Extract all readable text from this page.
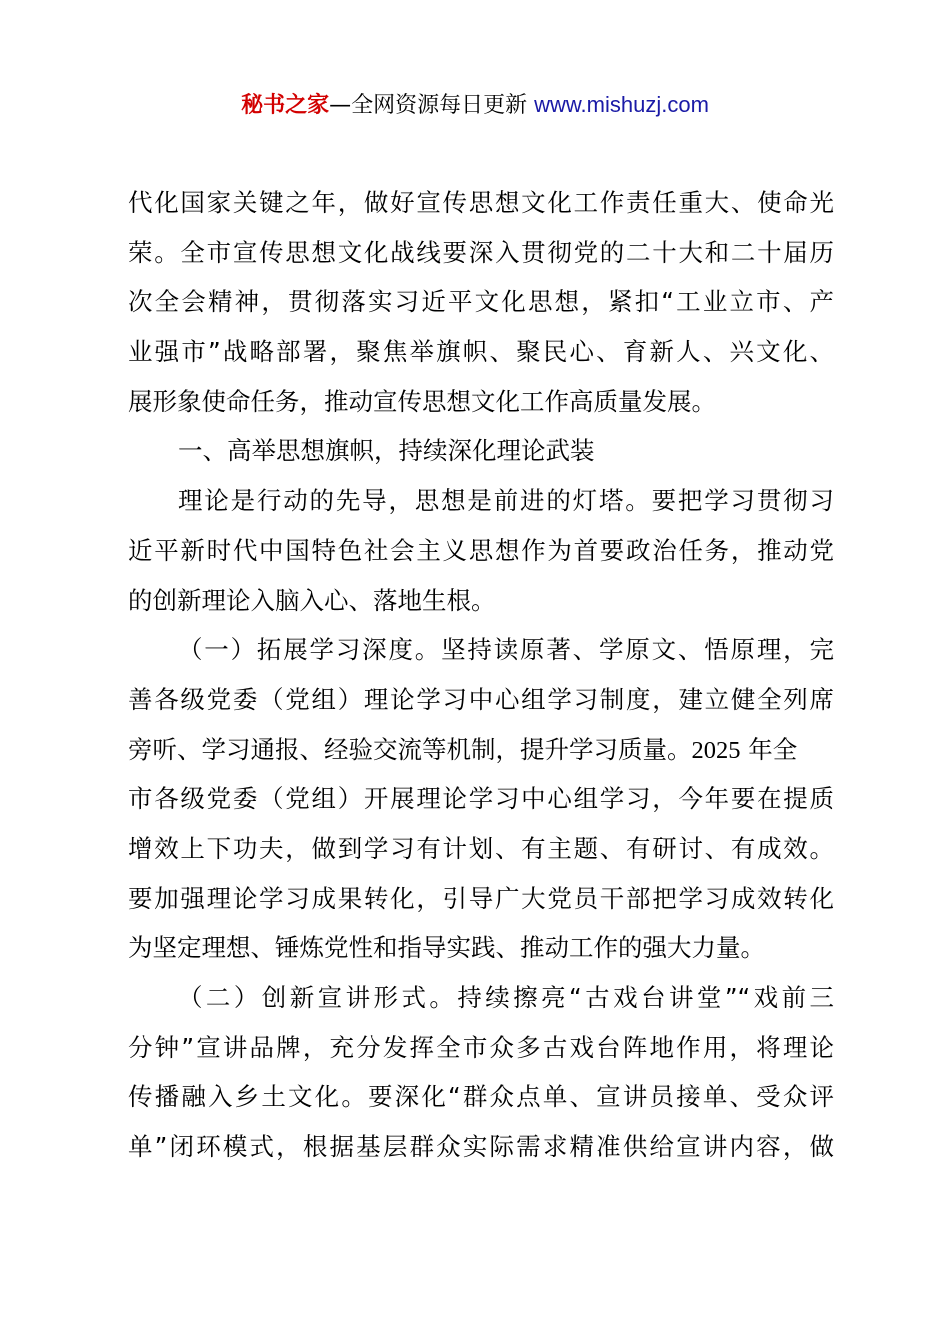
秘书之家—全网资源每日更新 www.mishuzj.com
代化国家关键之年，做好宣传思想文化工作责任重大、使命光
荣。全市宣传思想文化战线要深入贯彻党的二十大和二十届历
次全会精神，贯彻落实习近平文化思想，紧扣“工业立市、产
业强市”战略部署，聚焦举旗帜、聚民心、育新人、兴文化、
展形象使命任务，推动宣传思想文化工作高质量发展。
一、高举思想旗帜，持续深化理论武装
理论是行动的先导，思想是前进的灯塔。要把学习贯彻习
近平新时代中国特色社会主义思想作为首要政治任务，推动党
的创新理论入脑入心、落地生根。
（一）拓展学习深度。坚持读原著、学原文、悟原理，完
善各级党委（党组）理论学习中心组学习制度，建立健全列席
旁听、学习通报、经验交流等机制，提升学习质量。2025 年全
市各级党委（党组）开展理论学习中心组学习，今年要在提质
增效上下功夫，做到学习有计划、有主题、有研讨、有成效。
要加强理论学习成果转化，引导广大党员干部把学习成效转化
为坚定理想、锤炼党性和指导实践、推动工作的强大力量。
（二）创新宣讲形式。持续擦亮“古戏台讲堂”“戏前三
分钟”宣讲品牌，充分发挥全市众多古戏台阵地作用，将理论
传播融入乡土文化。要深化“群众点单、宣讲员接单、受众评
单”闭环模式，根据基层群众实际需求精准供给宣讲内容，做
